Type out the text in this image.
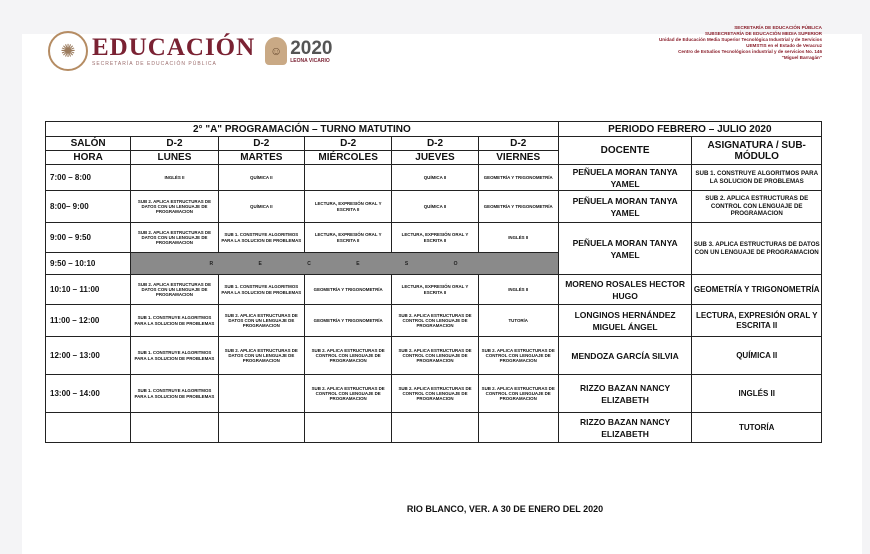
✺ EDUCACIÓN
SECRETARÍA DE EDUCACIÓN PÚBLICA
☺ 2020
LEONA VICARIO
SECRETARÍA DE EDUCACIÓN PÚBLICA
SUBSECRETARÍA DE EDUCACIÓN MEDIA SUPERIOR
Unidad de Educación Media Superior Tecnológica Industrial y de Servicios
UEMSTIS en el Estado de Veracruz
Centro de Estudios Tecnológicos industrial y de servicios No. 146
"Miguel Barragán"
2° "A" PROGRAMACIÓN – TURNO MATUTINO						PERIODO FEBRERO – JULIO 2020	
SALÓN	D-2	D-2	D-2	D-2	D-2	DOCENTE	ASIGNATURA / SUB-MÓDULO
HORA	LUNES	MARTES	MIÉRCOLES	JUEVES	VIERNES		
7:00 – 8:00	INGLÉS II	QUÍMICA II		QUÍMICA II	GEOMETRÍA Y TRIGONOMETRÍA	PEÑUELA MORAN TANYA YAMEL	SUB 1. CONSTRUYE ALGORITMOS PARA LA SOLUCION DE PROBLEMAS
8:00– 9:00	SUB 2. APLICA ESTRUCTURAS DE DATOS CON UN LENGUAJE DE PROGRAMACION	QUÍMICA II	LECTURA, EXPRESIÓN ORAL Y ESCRITA II	QUÍMICA II	GEOMETRÍA Y TRIGONOMETRÍA	PEÑUELA MORAN TANYA YAMEL	SUB 2. APLICA ESTRUCTURAS DE CONTROL CON LENGUAJE DE PROGRAMACION
9:00 – 9:50	SUB 2. APLICA ESTRUCTURAS DE DATOS CON UN LENGUAJE DE PROGRAMACION	SUB 1. CONSTRUYE ALGORITMOS PARA LA SOLUCION DE PROBLEMAS	LECTURA, EXPRESIÓN ORAL Y ESCRITA II	LECTURA, EXPRESIÓN ORAL Y ESCRITA II	INGLÉS II	PEÑUELA MORAN TANYA YAMEL	SUB 3. APLICA ESTRUCTURAS DE DATOS CON UN LENGUAJE DE PROGRAMACION
9:50 – 10:10	R E C E S O						
10:10 – 11:00	SUB 2. APLICA ESTRUCTURAS DE DATOS CON UN LENGUAJE DE PROGRAMACION	SUB 1. CONSTRUYE ALGORITMOS PARA LA SOLUCION DE PROBLEMAS	GEOMETRÍA Y TRIGONOMETRÍA	LECTURA, EXPRESIÓN ORAL Y ESCRITA II	INGLÉS II	MORENO ROSALES HECTOR HUGO	GEOMETRÍA Y TRIGONOMETRÍA
11:00 – 12:00	SUB 1. CONSTRUYE ALGORITMOS PARA LA SOLUCION DE PROBLEMAS	SUB 2. APLICA ESTRUCTURAS DE DATOS CON UN LENGUAJE DE PROGRAMACION	GEOMETRÍA Y TRIGONOMETRÍA	SUB 2. APLICA ESTRUCTURAS DE CONTROL CON LENGUAJE DE PROGRAMACION	TUTORÍA	LONGINOS HERNÁNDEZ MIGUEL ÁNGEL	LECTURA, EXPRESIÓN ORAL Y ESCRITA II
12:00 – 13:00	SUB 1. CONSTRUYE ALGORITMOS PARA LA SOLUCION DE PROBLEMAS	SUB 2. APLICA ESTRUCTURAS DE DATOS CON UN LENGUAJE DE PROGRAMACION	SUB 2. APLICA ESTRUCTURAS DE CONTROL CON LENGUAJE DE PROGRAMACION	SUB 2. APLICA ESTRUCTURAS DE CONTROL CON LENGUAJE DE PROGRAMACION	SUB 2. APLICA ESTRUCTURAS DE CONTROL CON LENGUAJE DE PROGRAMACION	MENDOZA GARCÍA SILVIA	QUÍMICA II
13:00 – 14:00	SUB 1. CONSTRUYE ALGORITMOS PARA LA SOLUCION DE PROBLEMAS		SUB 2. APLICA ESTRUCTURAS DE CONTROL CON LENGUAJE DE PROGRAMACION	SUB 2. APLICA ESTRUCTURAS DE CONTROL CON LENGUAJE DE PROGRAMACION	SUB 2. APLICA ESTRUCTURAS DE CONTROL CON LENGUAJE DE PROGRAMACION	RIZZO BAZAN NANCY ELIZABETH	INGLÉS II
						RIZZO BAZAN NANCY ELIZABETH	TUTORÍA
RIO BLANCO, VER. A 30 DE ENERO DEL 2020
